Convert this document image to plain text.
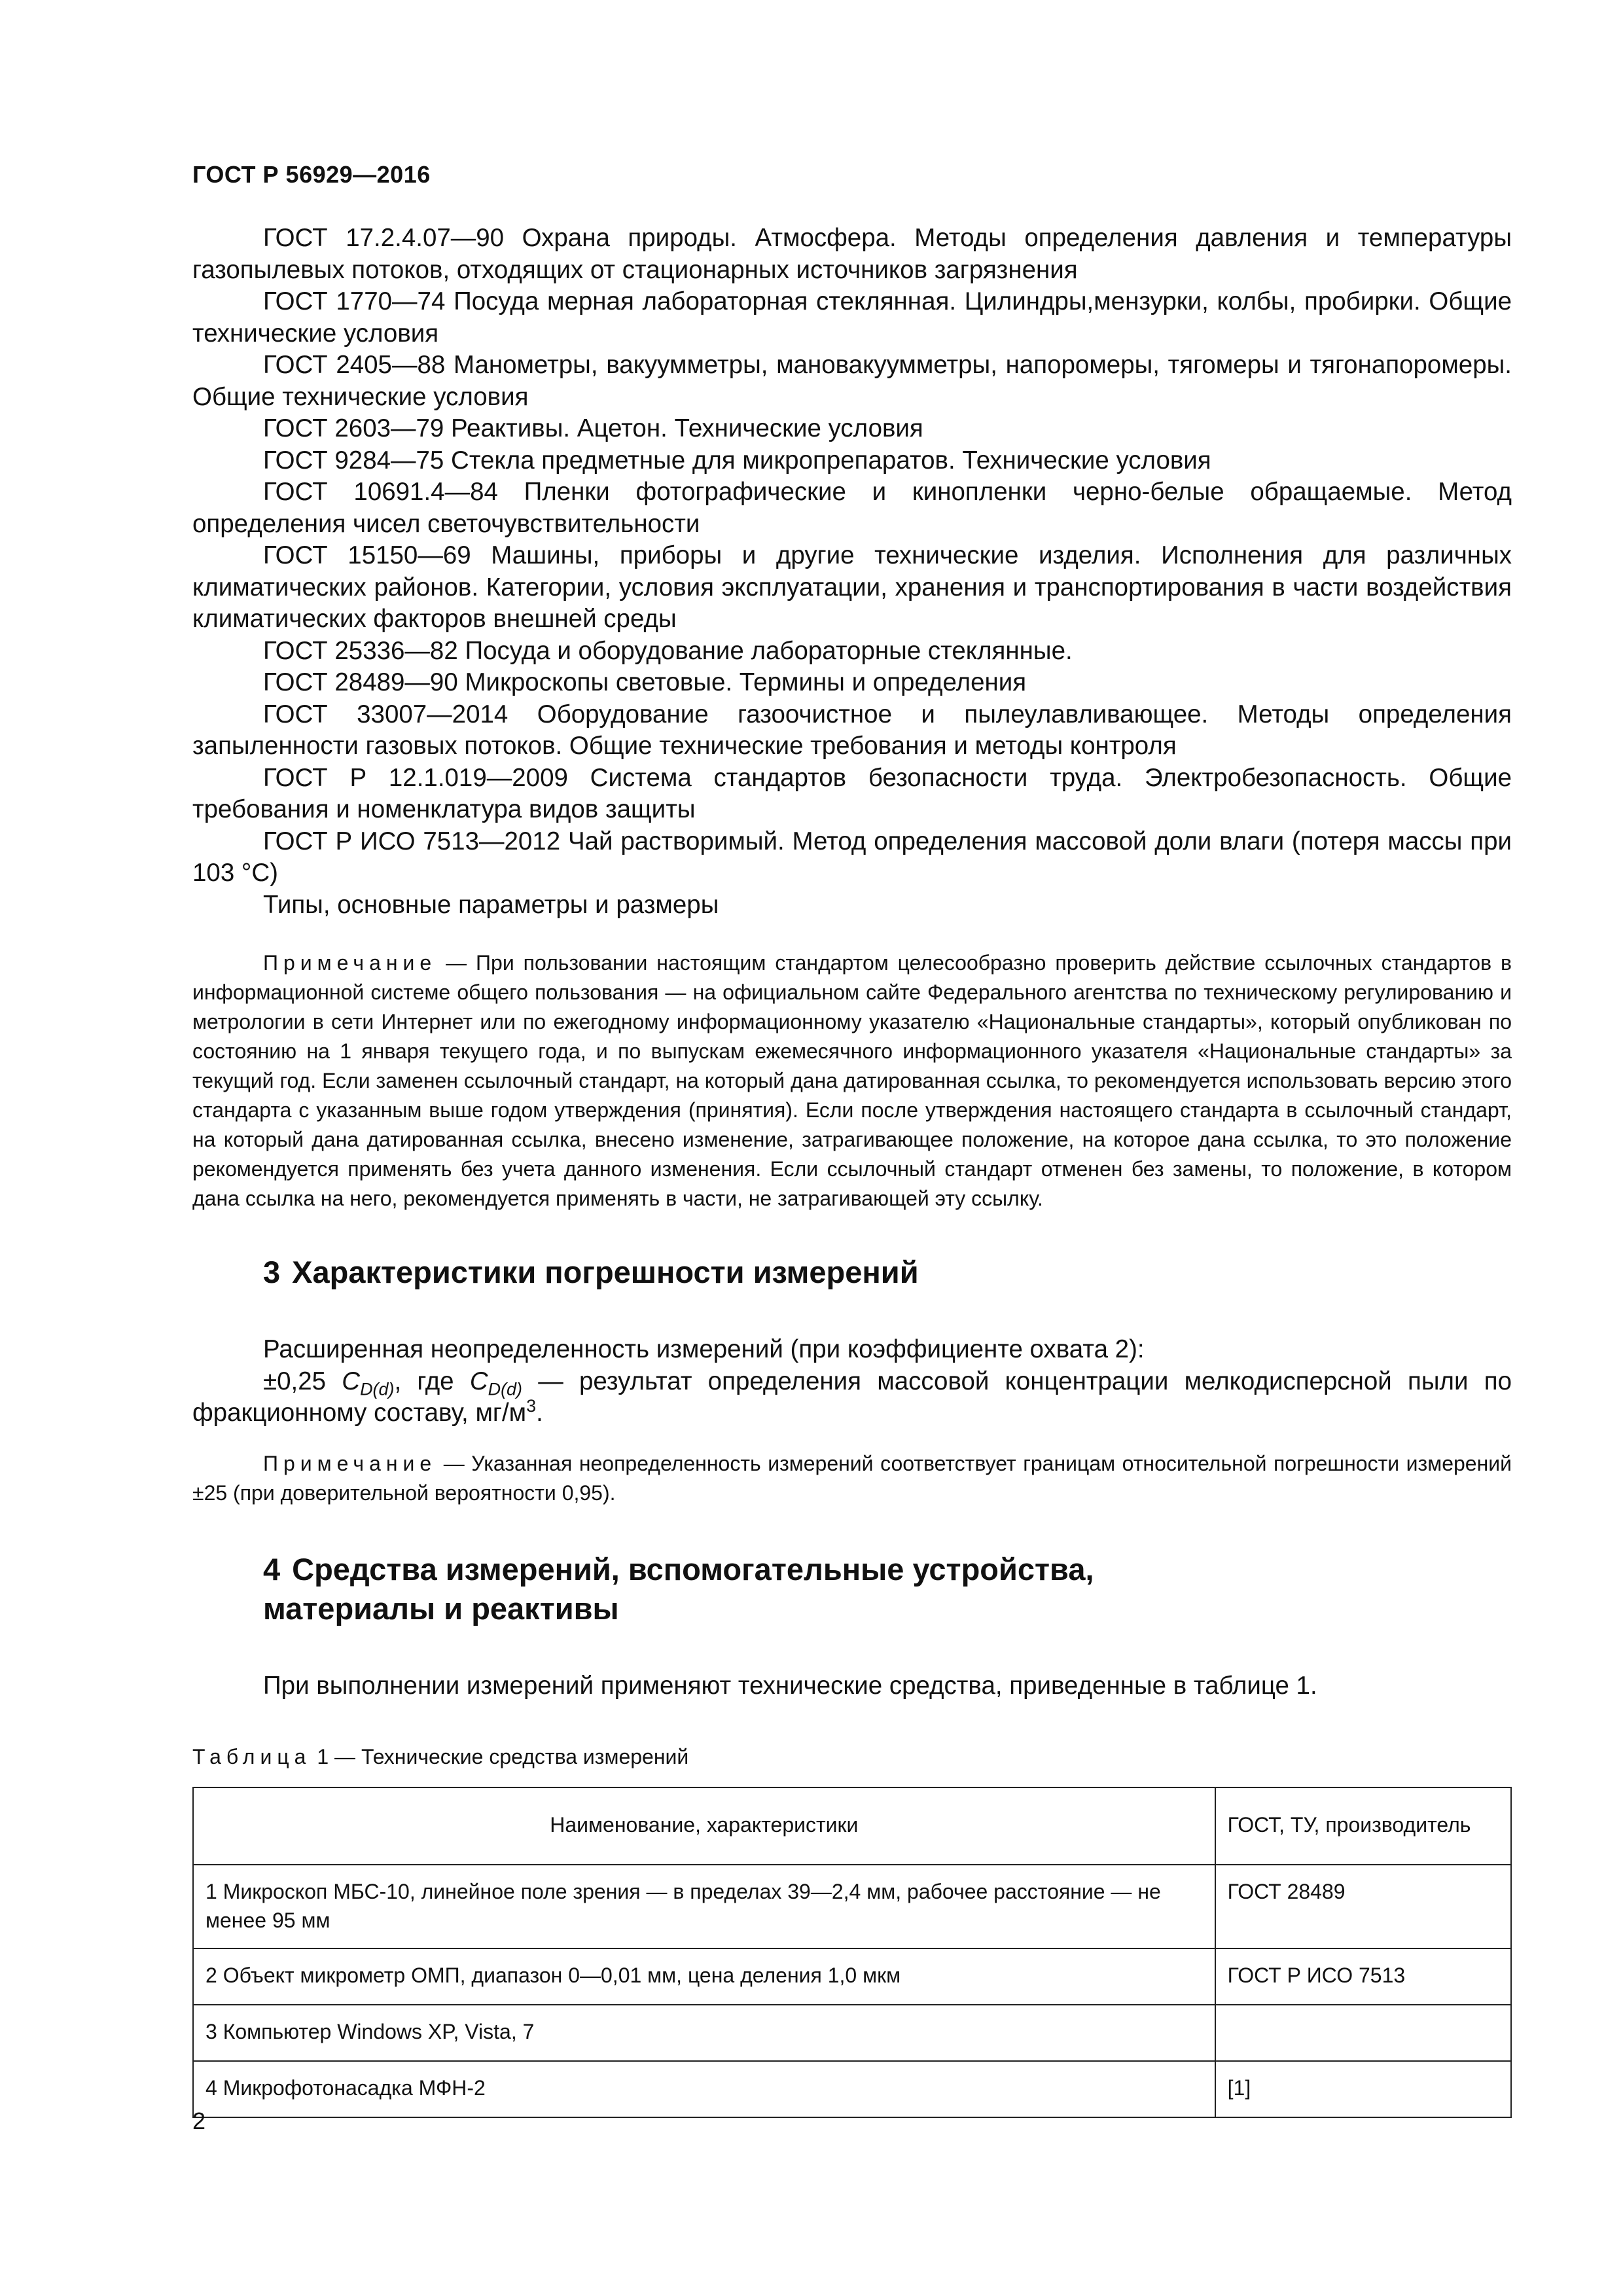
ГОСТ Р 56929—2016

ГОСТ 17.2.4.07—90 Охрана природы. Атмосфера. Методы определения давления и температуры газопылевых потоков, отходящих от стационарных источников загрязнения

ГОСТ 1770—74 Посуда мерная лабораторная стеклянная. Цилиндры,мензурки, колбы, пробирки. Общие технические условия

ГОСТ 2405—88 Манометры, вакуумметры, мановакуумметры, напоромеры, тягомеры и тягонапоромеры. Общие технические условия

ГОСТ 2603—79 Реактивы. Ацетон. Технические условия

ГОСТ 9284—75 Стекла предметные для микропрепаратов. Технические условия

ГОСТ 10691.4—84 Пленки фотографические и кинопленки черно-белые обращаемые. Метод определения чисел светочувствительности

ГОСТ 15150—69 Машины, приборы и другие технические изделия. Исполнения для различных климатических районов. Категории, условия эксплуатации, хранения и транспортирования в части воздействия климатических факторов внешней среды

ГОСТ 25336—82 Посуда и оборудование лабораторные стеклянные.

ГОСТ 28489—90 Микроскопы световые. Термины и определения

ГОСТ 33007—2014 Оборудование газоочистное и пылеулавливающее. Методы определения запыленности газовых потоков. Общие технические требования и методы контроля

ГОСТ Р 12.1.019—2009 Система стандартов безопасности труда. Электробезопасность. Общие требования и номенклатура видов защиты

ГОСТ Р ИСО 7513—2012 Чай растворимый. Метод определения массовой доли влаги (потеря массы при 103 °С)

Типы, основные параметры и размеры

Примечание — При пользовании настоящим стандартом целесообразно проверить действие ссылочных стандартов в информационной системе общего пользования — на официальном сайте Федерального агентства по техническому регулированию и метрологии в сети Интернет или по ежегодному информационному указателю «Национальные стандарты», который опубликован по состоянию на 1 января текущего года, и по выпускам ежемесячного информационного указателя «Национальные стандарты» за текущий год. Если заменен ссылочный стандарт, на который дана датированная ссылка, то рекомендуется использовать версию этого стандарта с указанным выше годом утверждения (принятия). Если после утверждения настоящего стандарта в ссылочный стандарт, на который дана датированная ссылка, внесено изменение, затрагивающее положение, на которое дана ссылка, то это положение рекомендуется применять без учета данного изменения. Если ссылочный стандарт отменен без замены, то положение, в котором дана ссылка на него, рекомендуется применять в части, не затрагивающей эту ссылку.

3 Характеристики погрешности измерений

Расширенная неопределенность измерений (при коэффициенте охвата 2):

±0,25 $C_{D(d)}$, где $C_{D(d)}$ — результат определения массовой концентрации мелкодисперсной пыли по фракционному составу, $мг/м^3$.

Примечание — Указанная неопределенность измерений соответствует границам относительной погрешности измерений ±25 (при доверительной вероятности 0,95).

4 Средства измерений, вспомогательные устройства,
материалы и реактивы

При выполнении измерений применяют технические средства, приведенные в таблице 1.

Таблица 1 — Технические средства измерений
Наименование, характеристики	ГОСТ, ТУ, производитель
1 Микроскоп МБС-10, линейное поле зрения — в пределах 39—2,4 мм, рабочее расстояние — не менее 95 мм	ГОСТ 28489
2 Объект микрометр ОМП, диапазон 0—0,01 мм, цена деления 1,0 мкм	ГОСТ Р ИСО 7513
3 Компьютер Windows XP, Vista, 7	
4 Микрофотонасадка МФН-2	[1]
2
